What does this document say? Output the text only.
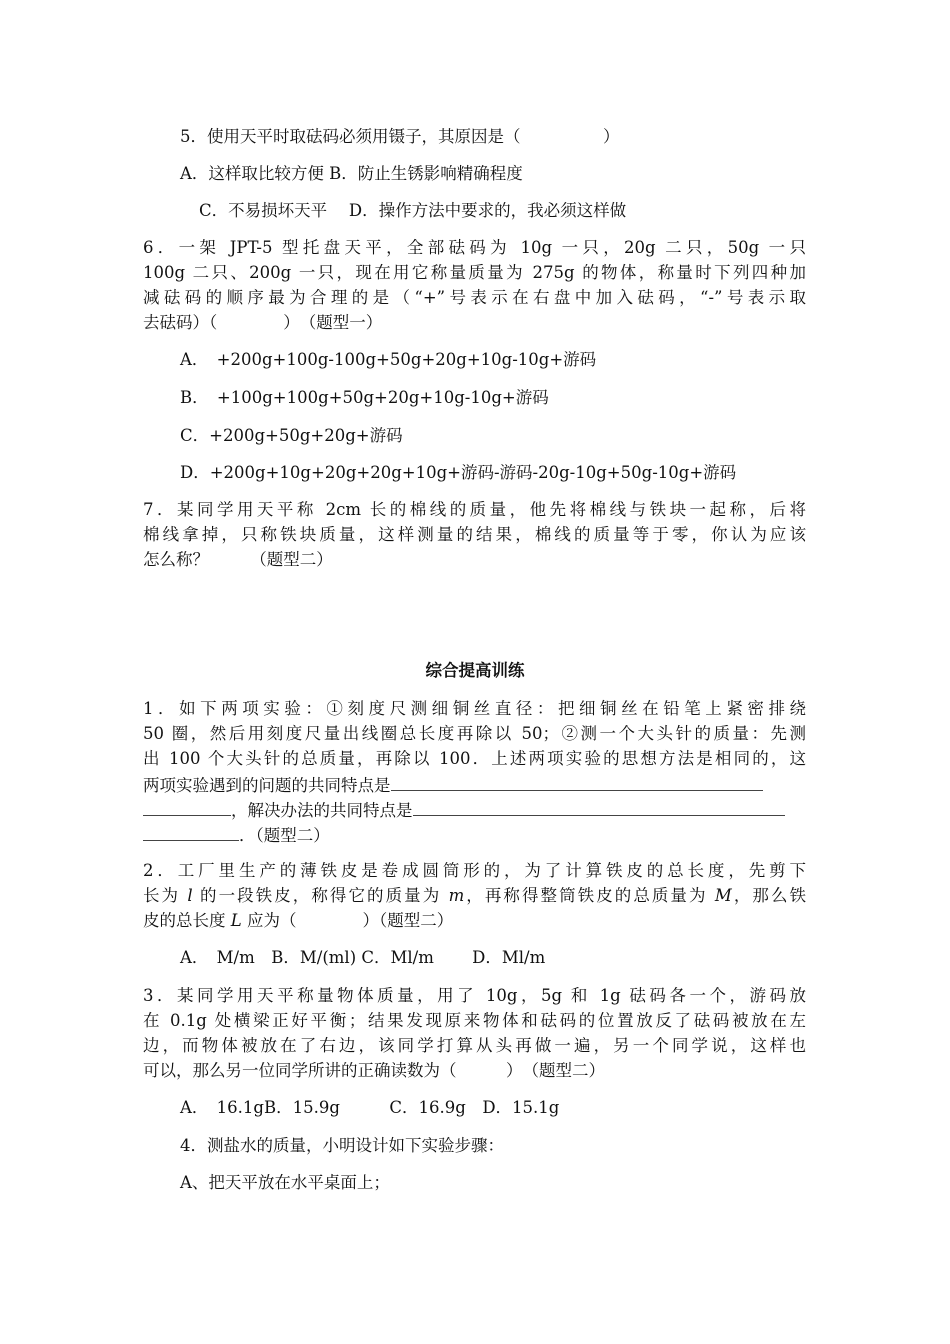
5．使用天平时取砝码必须用镊子，其原因是（　　　　　）
A．这样取比较方便 B．防止生锈影响精确程度
C．不易损坏天平　 D．操作方法中要求的，我必须这样做
6．一架 JPT-5 型托盘天平，全部砝码为 10g 一只，20g 二只，50g 一只
100g 二只、200g 一只，现在用它称量质量为 275g 的物体，称量时下列四种加
减砝码的顺序最为合理的是（“+”号表示在右盘中加入砝码，“-”号表示取
去砝码）（　　　　）　（题型一）
A．　+200g+100g-100g+50g+20g+10g-10g+游码
B．　+100g+100g+50g+20g+10g-10g+游码
C．+200g+50g+20g+游码
D．+200g+10g+20g+20g+10g+游码-游码-20g-10g+50g-10g+游码
7．某同学用天平称 2cm 长的棉线的质量，他先将棉线与铁块一起称，后将
棉线拿掉，只称铁块质量，这样测量的结果，棉线的质量等于零，你认为应该
怎么称？　　　（题型二）
综合提高训练
1．如下两项实验：①刻度尺测细铜丝直径：把细铜丝在铅笔上紧密排绕
50 圈，然后用刻度尺量出线圈总长度再除以 50；②测一个大头针的质量：先测
出 100 个大头针的总质量，再除以 100．上述两项实验的思想方法是相同的，这
两项实验遇到的问题的共同特点是
，解决办法的共同特点是
．（题型二）
2．工厂里生产的薄铁皮是卷成圆筒形的，为了计算铁皮的总长度，先剪下
长为 l 的一段铁皮，称得它的质量为 m，再称得整筒铁皮的总质量为 M，那么铁
皮的总长度 L 应为（　　　　）（题型二）
A．　M/m　B．M/(ml) C．Ml/m　　 D．Ml/m
3．某同学用天平称量物体质量，用了 10g，5g 和 1g 砝码各一个，游码放
在 0.1g 处横梁正好平衡；结果发现原来物体和砝码的位置放反了砝码被放在左
边，而物体被放在了右边，该同学打算从头再做一遍，另一个同学说，这样也
可以，那么另一位同学所讲的正确读数为（　　　）　（题型二）
A．　16.1gB．15.9g　　　C．16.9g　D．15.1g
4．测盐水的质量，小明设计如下实验步骤：
A、把天平放在水平桌面上；
